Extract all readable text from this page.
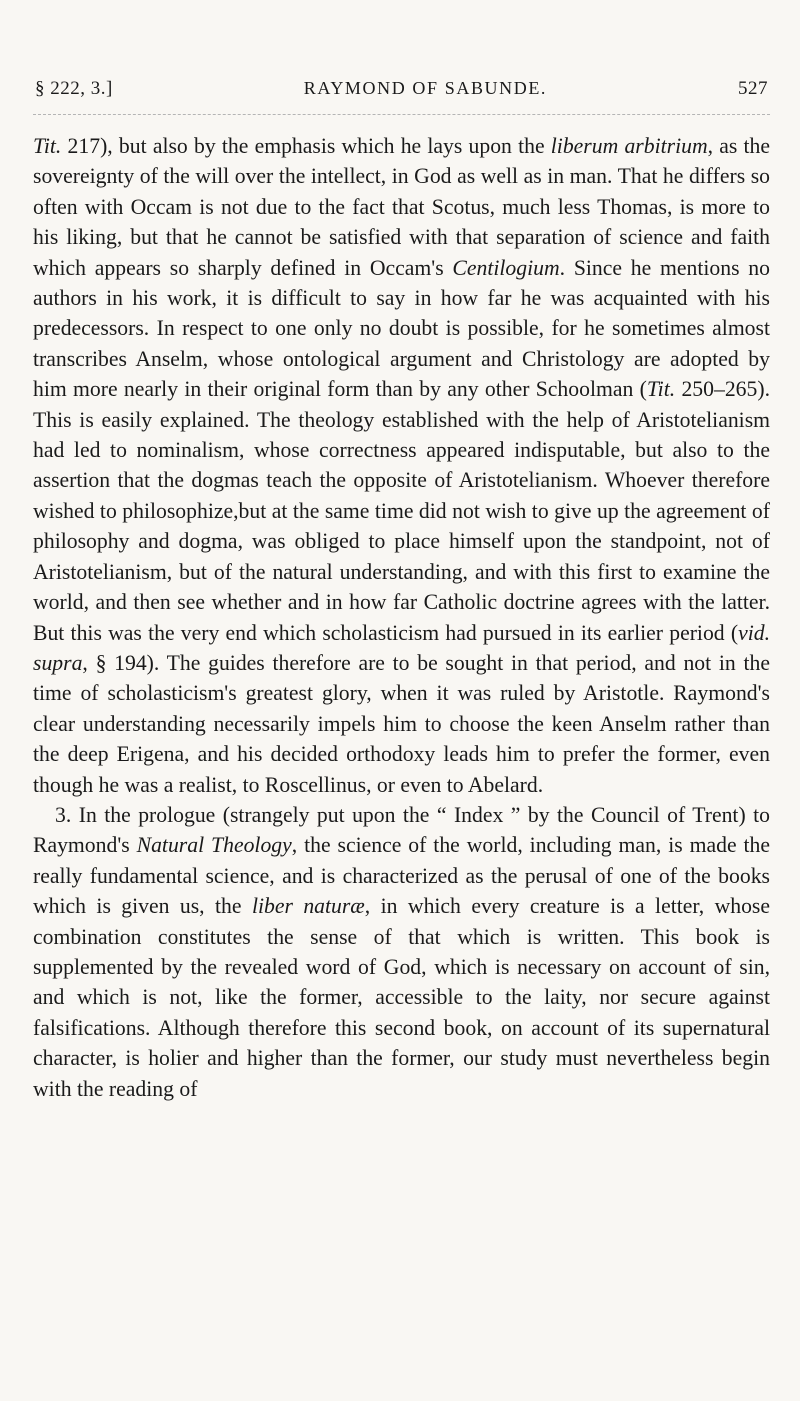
§ 222, 3.]	RAYMOND OF SABUNDE.	527

Tit. 217), but also by the emphasis which he lays upon the liberum arbitrium, as the sovereignty of the will over the intellect, in God as well as in man. That he differs so often with Occam is not due to the fact that Scotus, much less Thomas, is more to his liking, but that he cannot be satisfied with that separation of science and faith which appears so sharply defined in Occam's Centilogium. Since he mentions no authors in his work, it is difficult to say in how far he was acquainted with his predecessors. In respect to one only no doubt is possible, for he sometimes almost transcribes Anselm, whose ontological argument and Christology are adopted by him more nearly in their original form than by any other Schoolman (Tit. 250–265). This is easily explained. The theology established with the help of Aristotelianism had led to nominalism, whose correctness appeared indisputable, but also to the assertion that the dogmas teach the opposite of Aristotelianism. Whoever therefore wished to philosophize,but at the same time did not wish to give up the agreement of philosophy and dogma, was obliged to place himself upon the standpoint, not of Aristotelianism, but of the natural understanding, and with this first to examine the world, and then see whether and in how far Catholic doctrine agrees with the latter. But this was the very end which scholasticism had pursued in its earlier period (vid. supra, § 194). The guides therefore are to be sought in that period, and not in the time of scholasticism's greatest glory, when it was ruled by Aristotle. Raymond's clear understanding necessarily impels him to choose the keen Anselm rather than the deep Erigena, and his decided orthodoxy leads him to prefer the former, even though he was a realist, to Roscellinus, or even to Abelard.

3. In the prologue (strangely put upon the “ Index ” by the Council of Trent) to Raymond's Natural Theology, the science of the world, including man, is made the really fundamental science, and is characterized as the perusal of one of the books which is given us, the liber naturæ, in which every creature is a letter, whose combination constitutes the sense of that which is written. This book is supplemented by the revealed word of God, which is necessary on account of sin, and which is not, like the former, accessible to the laity, nor secure against falsifications. Although therefore this second book, on account of its supernatural character, is holier and higher than the former, our study must nevertheless begin with the reading of
